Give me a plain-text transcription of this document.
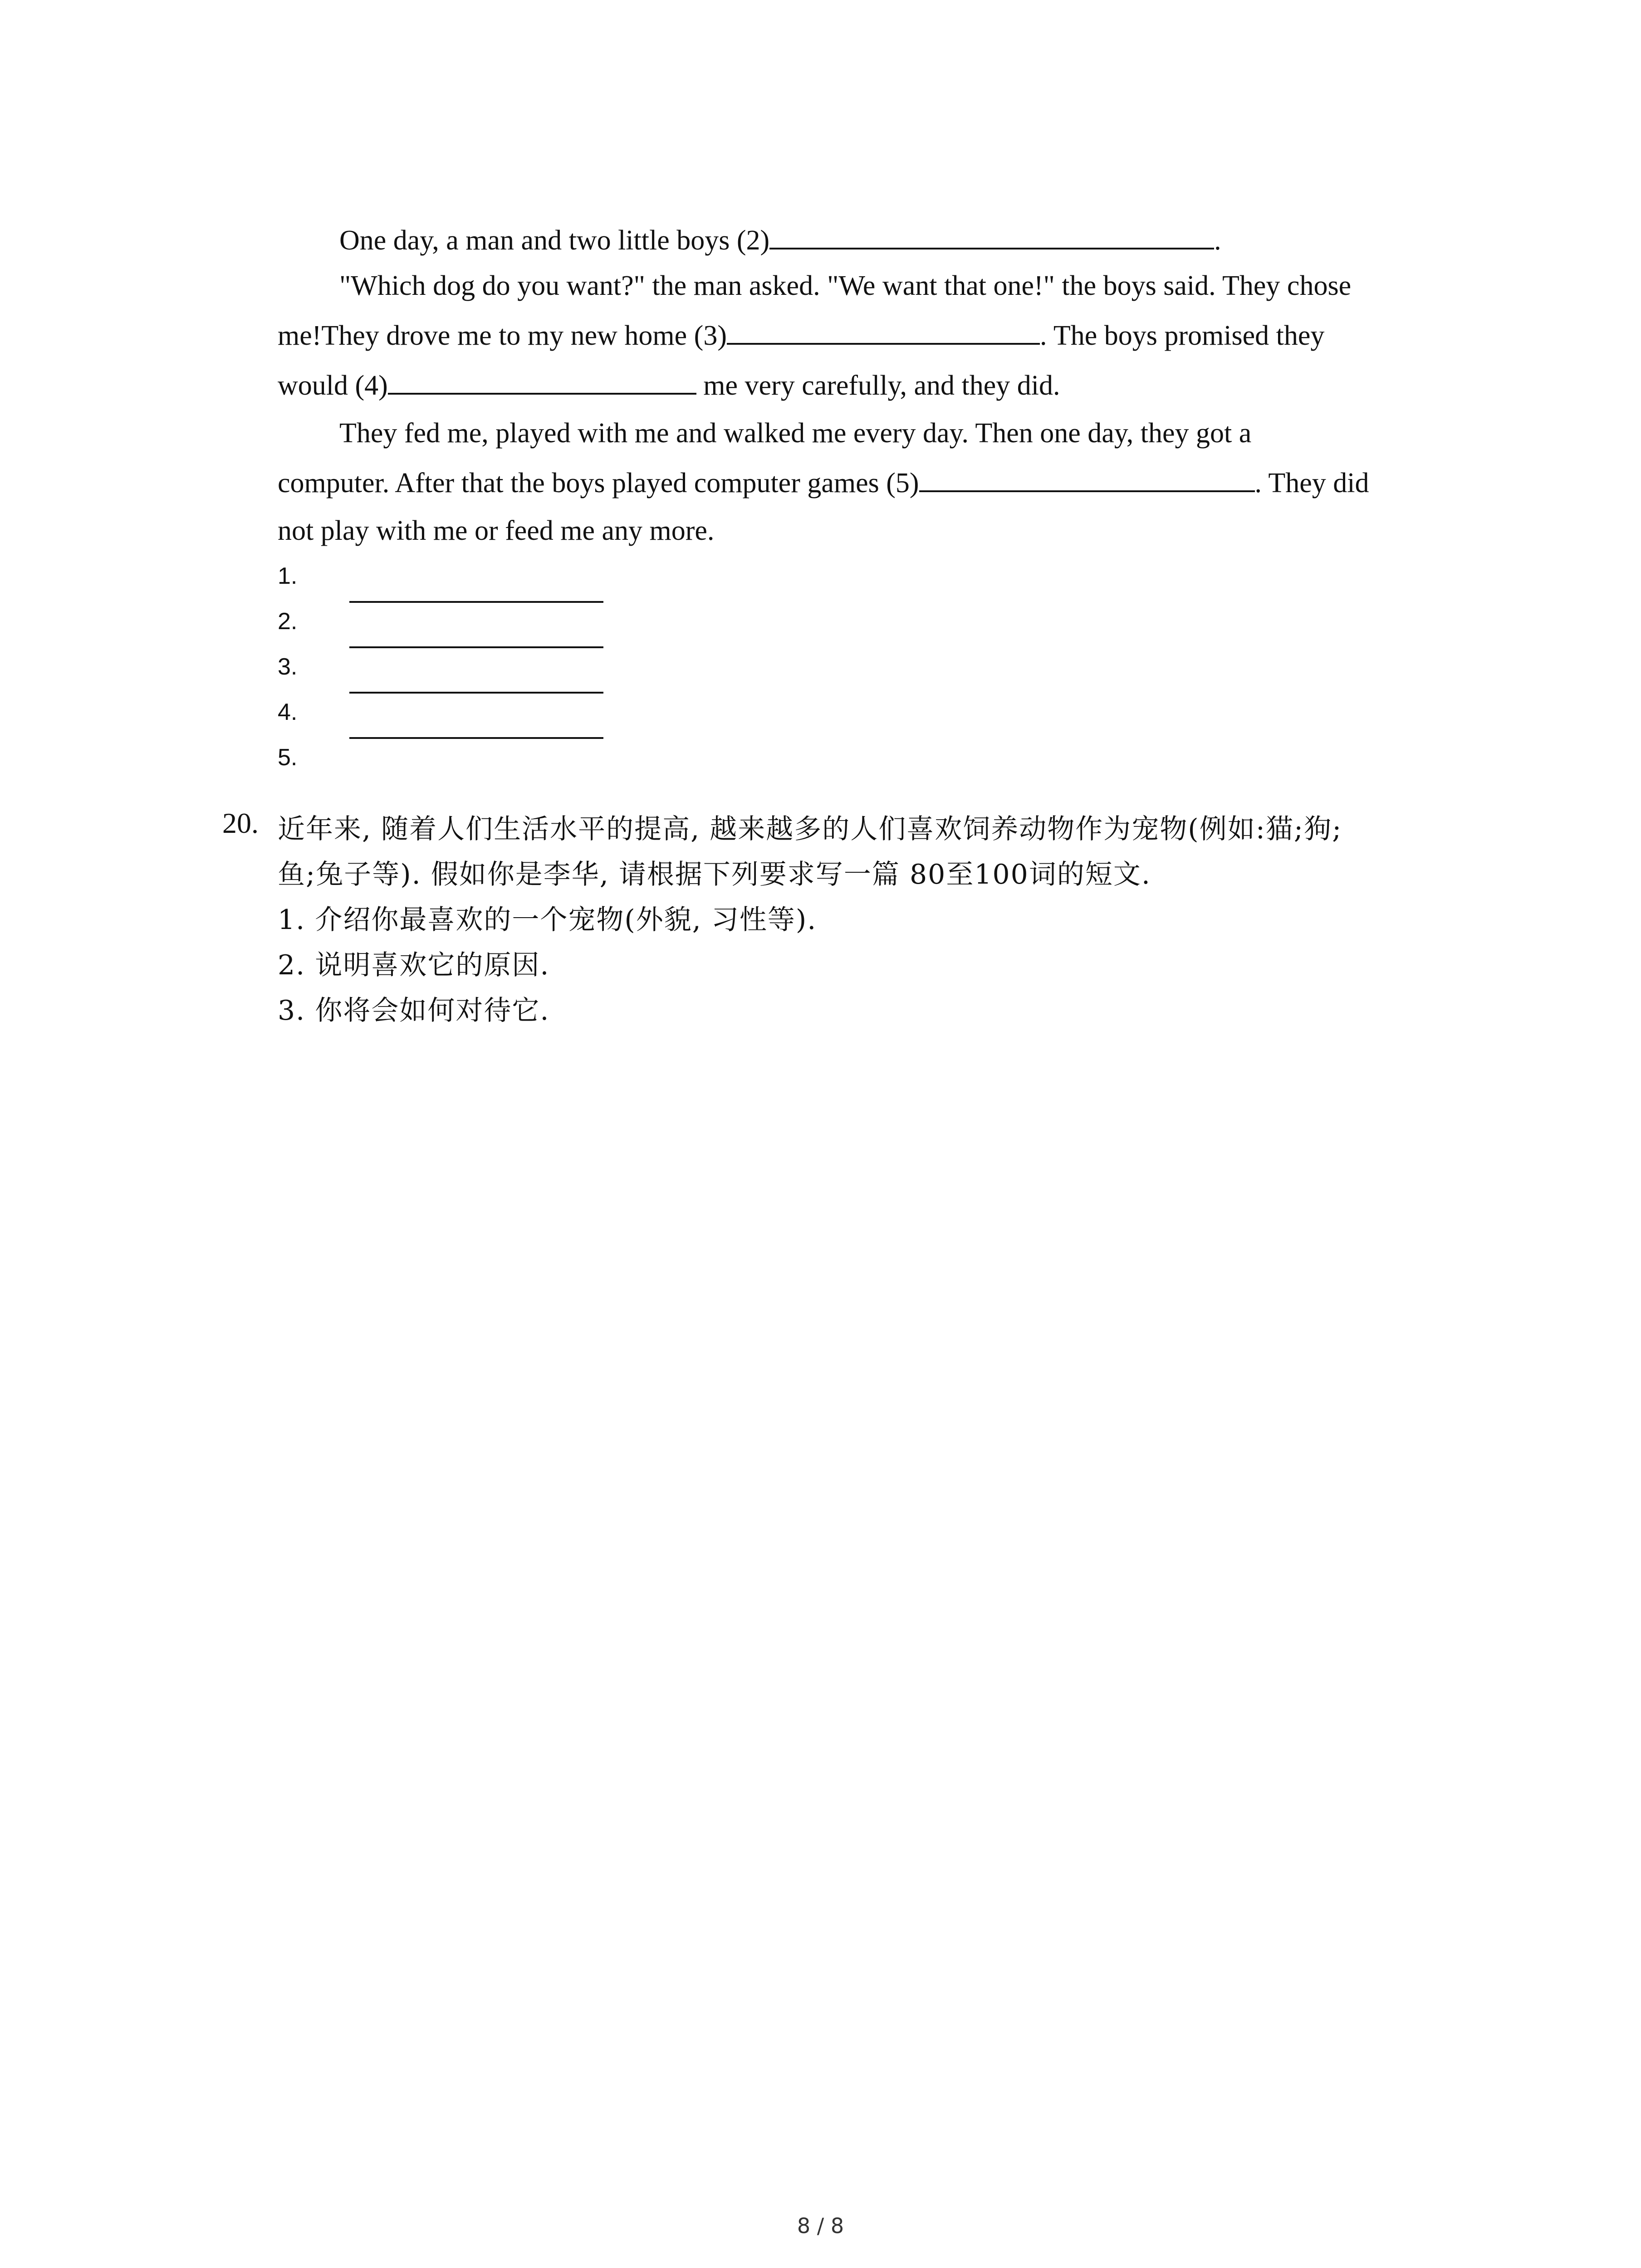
One day, a man and two little boys (2)	.
"Which dog do you want?" the man asked. "We want that one!" the boys said. They chose
me!They drove me to my new home (3)	. The boys promised they
would (4)	me very carefully, and they did.
They fed me, played with me and walked me every day. Then one day, they got a
computer. After that the boys played computer games (5)	. They did
not play with me or feed me any more.
1.
2.
3.
4.
5.
20. 近年来, 随着人们生活水平的提高, 越来越多的人们喜欢饲养动物作为宠物(例如:猫;狗;
鱼;兔子等). 假如你是李华, 请根据下列要求写一篇 80至100词的短文.
1. 介绍你最喜欢的一个宠物(外貌, 习性等).
2. 说明喜欢它的原因.
3. 你将会如何对待它.
8 / 8
